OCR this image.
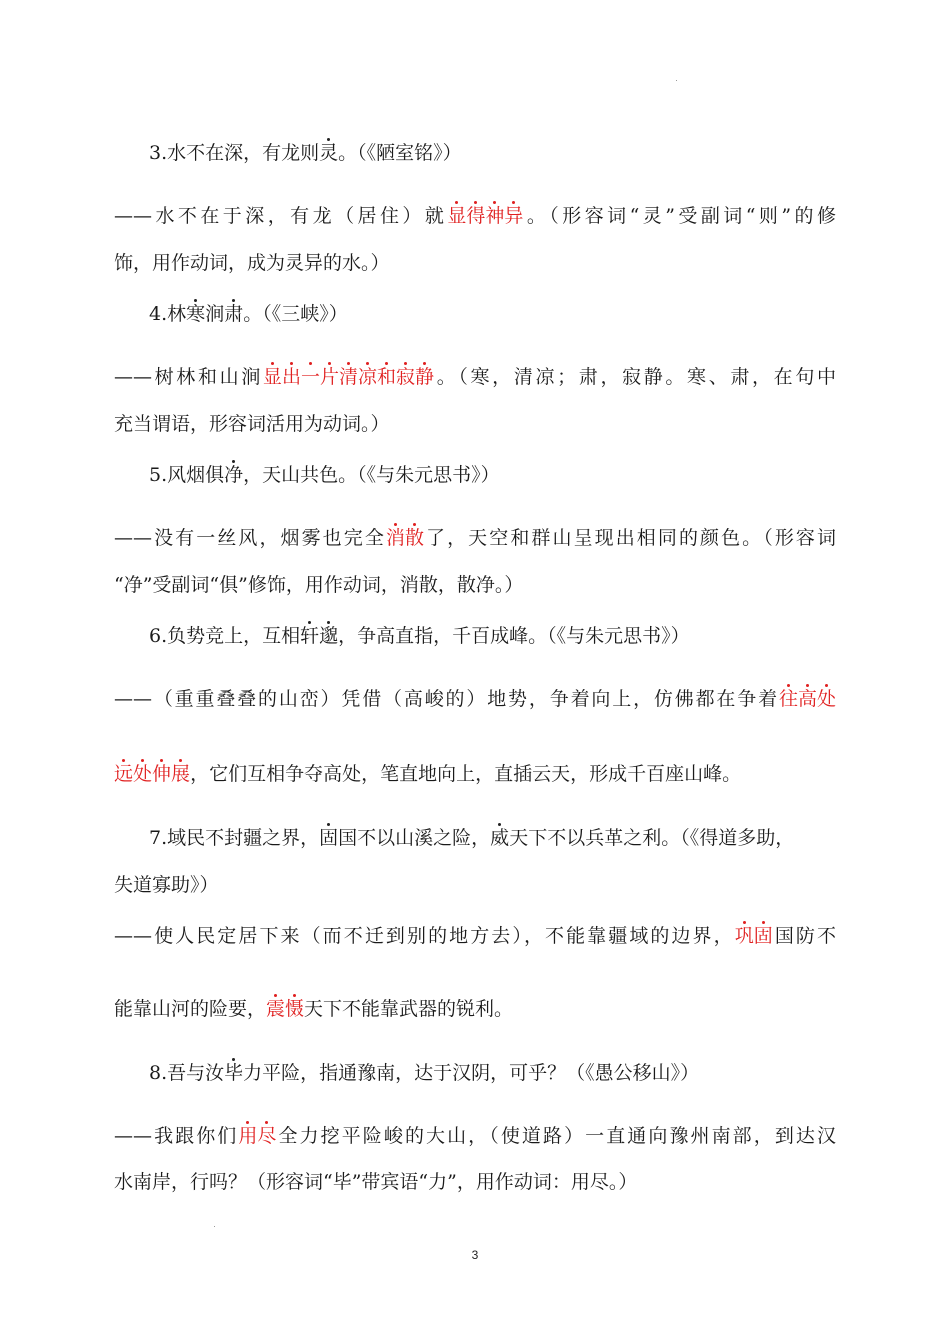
3.水不在深，有龙则灵。（《陋室铭》）
——水不在于深，有龙（居住）就显得神异。（形容词“灵”受副词“则”的修
饰，用作动词，成为灵异的水。）
4.林寒涧肃。（《三峡》）
——树林和山涧显出一片清凉和寂静。（寒，清凉；肃，寂静。寒、肃，在句中
充当谓语，形容词活用为动词。）
5.风烟俱净，天山共色。（《与朱元思书》）
——没有一丝风，烟雾也完全消散了，天空和群山呈现出相同的颜色。（形容词
“净”受副词“俱”修饰，用作动词，消散，散净。）
6.负势竞上，互相轩邈，争高直指，千百成峰。（《与朱元思书》）
——（重重叠叠的山峦）凭借（高峻的）地势，争着向上，仿佛都在争着往高处
远处伸展，它们互相争夺高处，笔直地向上，直插云天，形成千百座山峰。
7.域民不封疆之界，固国不以山溪之险，威天下不以兵革之利。（《得道多助，
失道寡助》）
——使人民定居下来（而不迁到别的地方去），不能靠疆域的边界，巩固国防不
能靠山河的险要，震慑天下不能靠武器的锐利。
8.吾与汝毕力平险，指通豫南，达于汉阴，可乎？（《愚公移山》）
——我跟你们用尽全力挖平险峻的大山，（使道路）一直通向豫州南部，到达汉
水南岸，行吗？（形容词“毕”带宾语“力”，用作动词：用尽。）
3
